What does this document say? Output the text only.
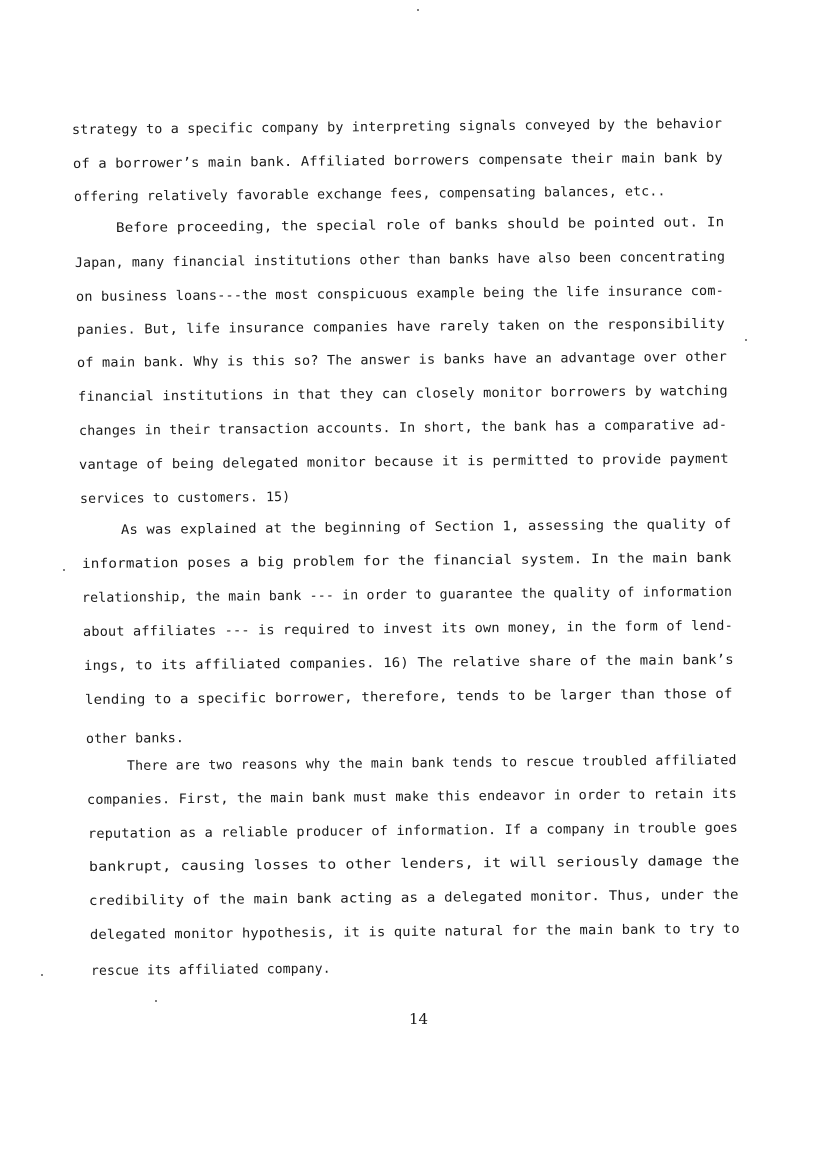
strategy to a specific company by interpreting signals conveyed by the behavior
of a borrower’s main bank. Affiliated borrowers compensate their main bank by
offering relatively favorable exchange fees, compensating balances, etc..
Before proceeding, the special role of banks should be pointed out. In
Japan, many financial institutions other than banks have also been concentrating
on business loans---the most conspicuous example being the life insurance com-
panies. But, life insurance companies have rarely taken on the responsibility
of main bank. Why is this so? The answer is banks have an advantage over other
financial institutions in that they can closely monitor borrowers by watching
changes in their transaction accounts. In short, the bank has a comparative ad-
vantage of being delegated monitor because it is permitted to provide payment
services to customers. 15)
As was explained at the beginning of Section 1, assessing the quality of
information poses a big problem for the financial system. In the main bank
relationship, the main bank --- in order to guarantee the quality of information
about affiliates --- is required to invest its own money, in the form of lend-
ings, to its affiliated companies. 16) The relative share of the main bank’s
lending to a specific borrower, therefore, tends to be larger than those of
other banks.
There are two reasons why the main bank tends to rescue troubled affiliated
companies. First, the main bank must make this endeavor in order to retain its
reputation as a reliable producer of information. If a company in trouble goes
bankrupt, causing losses to other lenders, it will seriously damage the
credibility of the main bank acting as a delegated monitor. Thus, under the
delegated monitor hypothesis, it is quite natural for the main bank to try to
rescue its affiliated company.
14
